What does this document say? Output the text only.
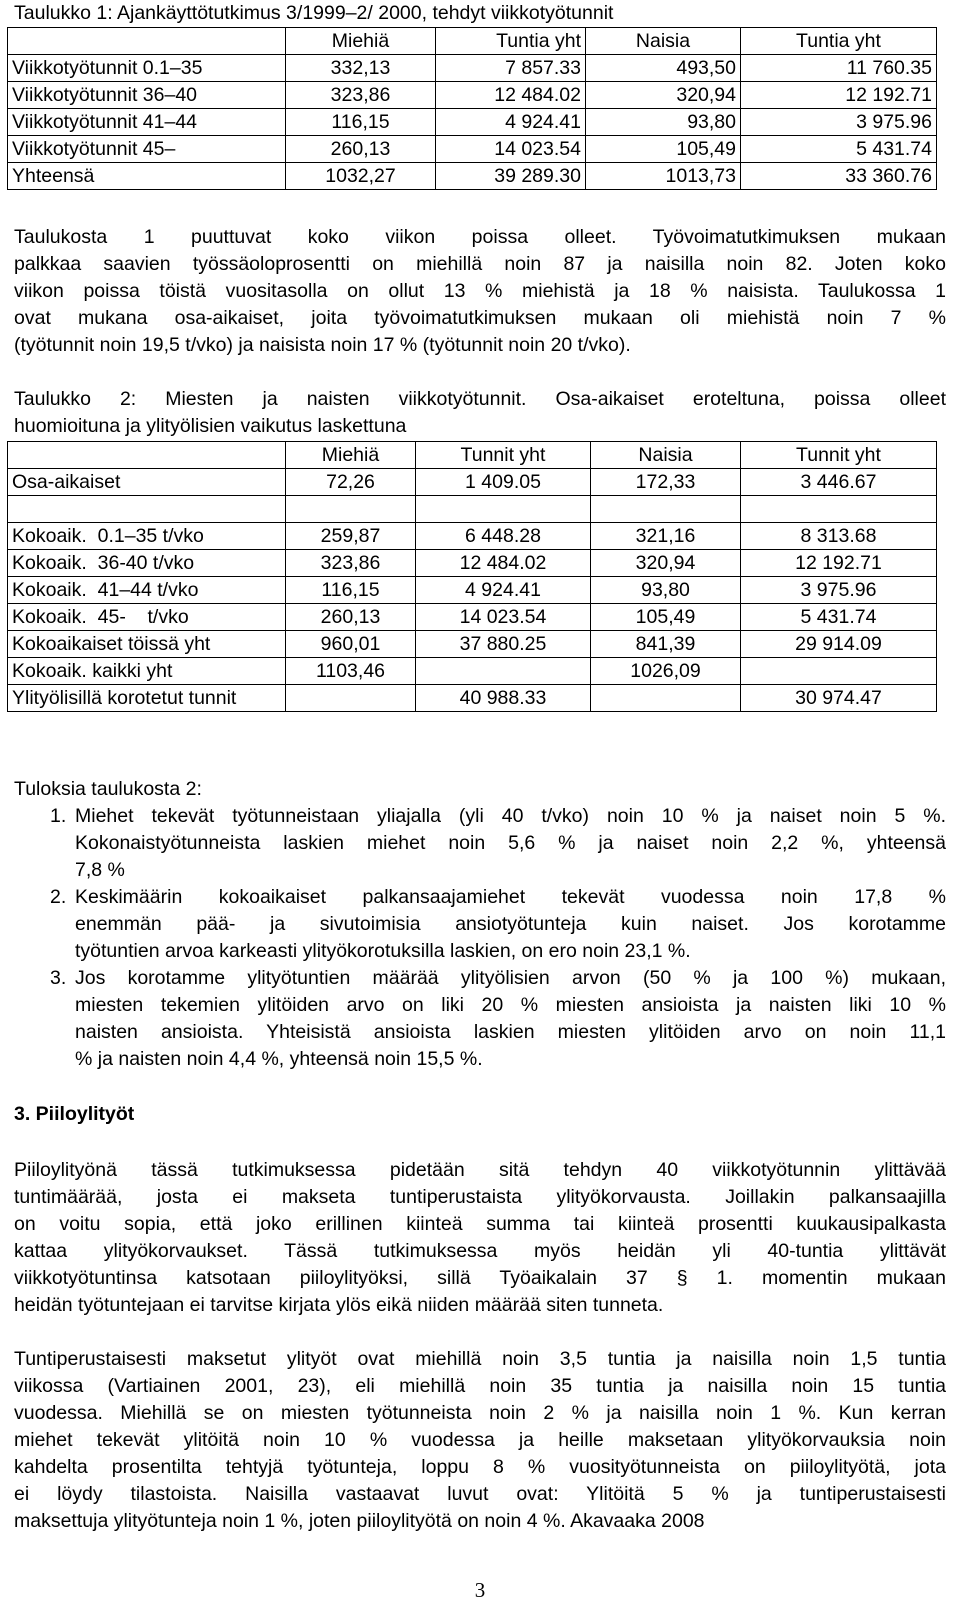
Taulukko 1: Ajankäyttötutkimus 3/1999–2/ 2000, tehdyt viikkotyötunnit
	Miehiä	Tuntia yht	Naisia	Tuntia yht
Viikkotyötunnit 0.1–35	332,13	7 857.33	493,50	11 760.35
Viikkotyötunnit 36–40	323,86	12 484.02	320,94	12 192.71
Viikkotyötunnit 41–44	116,15	4 924.41	93,80	3 975.96
Viikkotyötunnit 45–	260,13	14 023.54	105,49	5 431.74
Yhteensä	1032,27	39 289.30	1013,73	33 360.76
Taulukosta 1 puuttuvat koko viikon poissa olleet. Työvoimatutkimuksen mukaan
palkkaa saavien työssäoloprosentti on miehillä noin 87 ja naisilla noin 82. Joten koko
viikon poissa töistä vuositasolla on ollut 13 % miehistä ja 18 % naisista. Taulukossa 1
ovat mukana osa-aikaiset, joita työvoimatutkimuksen mukaan oli miehistä noin 7 %
(työtunnit noin 19,5 t/vko) ja naisista noin 17 % (työtunnit noin 20 t/vko).
Taulukko 2: Miesten ja naisten viikkotyötunnit. Osa-aikaiset eroteltuna, poissa olleet
huomioituna ja ylityölisien vaikutus laskettuna
	Miehiä	Tunnit yht	Naisia	Tunnit yht
Osa-aikaiset	72,26	1 409.05	172,33	3 446.67

Kokoaik.  0.1–35 t/vko	259,87	6 448.28	321,16	8 313.68
Kokoaik.  36-40 t/vko	323,86	12 484.02	320,94	12 192.71
Kokoaik.  41–44 t/vko	116,15	4 924.41	93,80	3 975.96
Kokoaik.  45-    t/vko	260,13	14 023.54	105,49	5 431.74
Kokoaikaiset töissä yht	960,01	37 880.25	841,39	29 914.09
Kokoaik. kaikki yht	1103,46		1026,09	
Ylityölisillä korotetut tunnit		40 988.33		30 974.47
Tuloksia taulukosta 2:
1. Miehet tekevät työtunneistaan yliajalla (yli 40 t/vko) noin 10 % ja naiset noin 5 %.
Kokonaistyötunneista laskien miehet noin 5,6 % ja naiset noin 2,2 %, yhteensä
7,8 %
2. Keskimäärin kokoaikaiset palkansaajamiehet tekevät vuodessa noin 17,8 %
enemmän pää- ja sivutoimisia ansiotyötunteja kuin naiset. Jos korotamme
työtuntien arvoa karkeasti ylityökorotuksilla laskien, on ero noin 23,1 %.
3. Jos korotamme ylityötuntien määrää ylityölisien arvon (50 % ja 100 %) mukaan,
miesten tekemien ylitöiden arvo on liki 20 % miesten ansioista ja naisten liki 10 %
naisten ansioista. Yhteisistä ansioista laskien miesten ylitöiden arvo on noin 11,1
% ja naisten noin 4,4 %, yhteensä noin 15,5 %.
3. Piiloylityöt
Piiloylityönä tässä tutkimuksessa pidetään sitä tehdyn 40 viikkotyötunnin ylittävää
tuntimäärää, josta ei makseta tuntiperustaista ylityökorvausta. Joillakin palkansaajilla
on voitu sopia, että joko erillinen kiinteä summa tai kiinteä prosentti kuukausipalkasta
kattaa ylityökorvaukset. Tässä tutkimuksessa myös heidän yli 40-tuntia ylittävät
viikkotyötuntinsa katsotaan piiloylityöksi, sillä Työaikalain 37 § 1. momentin mukaan
heidän työtuntejaan ei tarvitse kirjata ylös eikä niiden määrää siten tunneta.
Tuntiperustaisesti maksetut ylityöt ovat miehillä noin 3,5 tuntia ja naisilla noin 1,5 tuntia
viikossa (Vartiainen 2001, 23), eli miehillä noin 35 tuntia ja naisilla noin 15 tuntia
vuodessa. Miehillä se on miesten työtunneista noin 2 % ja naisilla noin 1 %. Kun kerran
miehet tekevät ylitöitä noin 10 % vuodessa ja heille maksetaan ylityökorvauksia noin
kahdelta prosentilta tehtyjä työtunteja, loppu 8 % vuosityötunneista on piiloylityötä, jota
ei löydy tilastoista. Naisilla vastaavat luvut ovat: Ylitöitä 5 % ja tuntiperustaisesti
maksettuja ylityötunteja noin 1 %, joten piiloylityötä on noin 4 %. Akavaaka 2008
3
